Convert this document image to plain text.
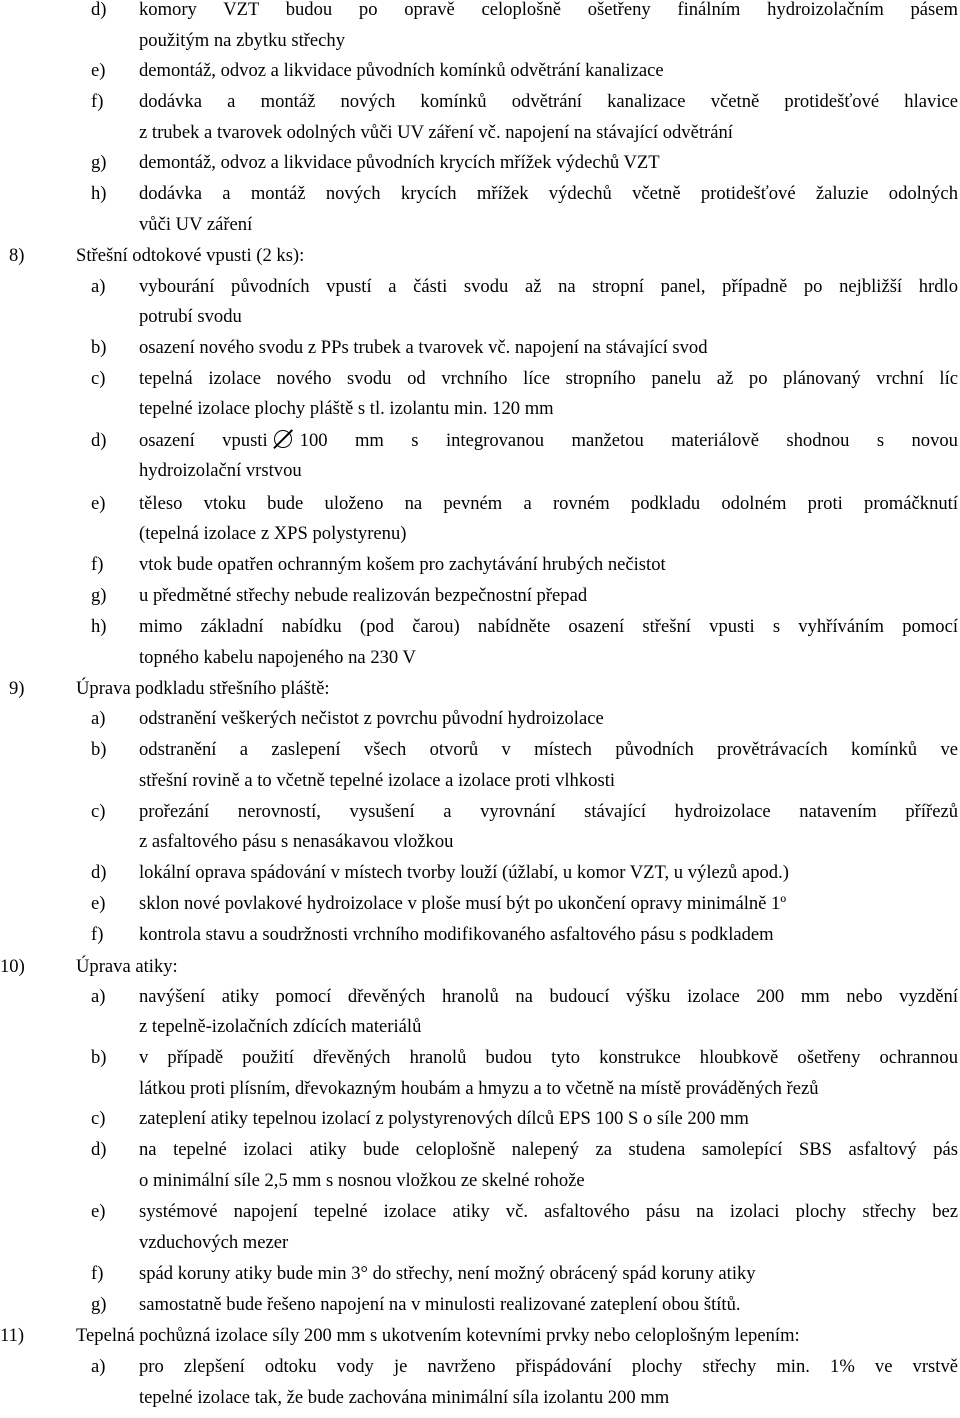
d) komory VZT budou po opravě celoplošně ošetřeny finálním hydroizolačním pásem
použitým na zbytku střechy
e) demontáž, odvoz a likvidace původních komínků odvětrání kanalizace
f) dodávka a montáž nových komínků odvětrání kanalizace včetně protidešťové hlavice
z trubek a tvarovek odolných vůči UV záření vč. napojení na stávající odvětrání
g) demontáž, odvoz a likvidace původních krycích mřížek výdechů VZT
h) dodávka a montáž nových krycích mřížek výdechů včetně protidešťové žaluzie odolných
vůči UV záření
8)	Střešní odtokové vpusti (2 ks):
a) vybourání původních vpustí a části svodu až na stropní panel, případně po nejbližší hrdlo
potrubí svodu
b) osazení nového svodu z PPs trubek a tvarovek vč. napojení na stávající svod
c) tepelná izolace nového svodu od vrchního líce stropního panelu až po plánovaný vrchní líc
tepelné izolace plochy pláště s tl. izolantu min. 120 mm
d) osazení vpusti 100 mm s integrovanou manžetou materiálově shodnou s novou
hydroizolační vrstvou
e) těleso vtoku bude uloženo na pevném a rovném podkladu odolném proti promáčknutí
(tepelná izolace z XPS polystyrenu)
f) vtok bude opatřen ochranným košem pro zachytávání hrubých nečistot
g) u předmětné střechy nebude realizován bezpečnostní přepad
h) mimo základní nabídku (pod čarou) nabídněte osazení střešní vpusti s vyhříváním pomocí
topného kabelu napojeného na 230 V
9)	Úprava podkladu střešního pláště:
a) odstranění veškerých nečistot z povrchu původní hydroizolace
b) odstranění a zaslepení všech otvorů v místech původních provětrávacích komínků ve
střešní rovině a to včetně tepelné izolace a izolace proti vlhkosti
c) prořezání nerovností, vysušení a vyrovnání stávající hydroizolace natavením přířezů
z asfaltového pásu s nenasákavou vložkou
d) lokální oprava spádování v místech tvorby louží (úžlabí, u komor VZT, u výlezů apod.)
e) sklon nové povlakové hydroizolace v ploše musí být po ukončení opravy minimálně 1º
f) kontrola stavu a soudržnosti vrchního modifikovaného asfaltového pásu s podkladem
10)	Úprava atiky:
a) navýšení atiky pomocí dřevěných hranolů na budoucí výšku izolace 200 mm nebo vyzdění
z tepelně-izolačních zdících materiálů
b) v případě použití dřevěných hranolů budou tyto konstrukce hloubkově ošetřeny ochrannou
látkou proti plísním, dřevokazným houbám a hmyzu a to včetně na místě prováděných řezů
c) zateplení atiky tepelnou izolací z polystyrenových dílců EPS 100 S o síle 200 mm
d) na tepelné izolaci atiky bude celoplošně nalepený za studena samolepící SBS asfaltový pás
o minimální síle 2,5 mm s nosnou vložkou ze skelné rohože
e) systémové napojení tepelné izolace atiky vč. asfaltového pásu na izolaci plochy střechy bez
vzduchových mezer
f) spád koruny atiky bude min 3° do střechy, není možný obrácený spád koruny atiky
g) samostatně bude řešeno napojení na v minulosti realizované zateplení obou štítů.
11)	Tepelná pochůzná izolace síly 200 mm s ukotvením kotevními prvky nebo celoplošným lepením:
a) pro zlepšení odtoku vody je navrženo přispádování plochy střechy min. 1% ve vrstvě
tepelné izolace tak, že bude zachována minimální síla izolantu 200 mm
